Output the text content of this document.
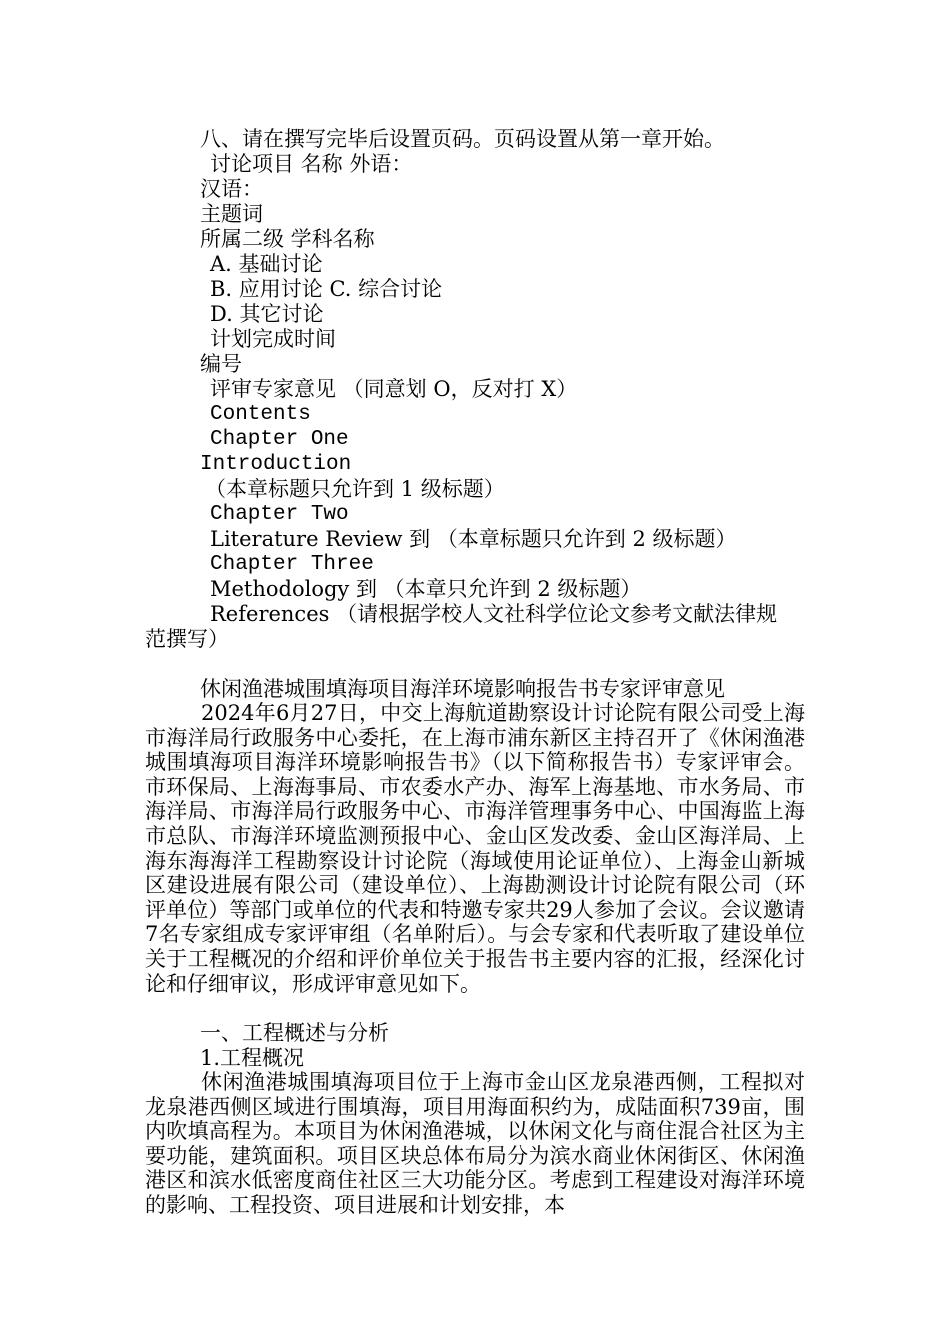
八、请在撰写完毕后设置页码。页码设置从第一章开始。
讨论项目 名称 外语：
汉语：
主题词
所属二级 学科名称
A. 基础讨论
B. 应用讨论 C. 综合讨论
D. 其它讨论
计划完成时间
编号
评审专家意见 （同意划 O，反对打 X）
Contents
Chapter One
Introduction
（本章标题只允许到 1 级标题）
Chapter Two
Literature Review 到 （本章标题只允许到 2 级标题）
Chapter Three
Methodology 到 （本章只允许到 2 级标题）
References （请根据学校人文社科学位论文参考文献法律规
范撰写）
休闲渔港城围填海项目海洋环境影响报告书专家评审意见

2024年6月27日，中交上海航道勘察设计讨论院有限公司受上海市海洋局行政服务中心委托，在上海市浦东新区主持召开了《休闲渔港城围填海项目海洋环境影响报告书》（以下简称报告书）专家评审会。市环保局、上海海事局、市农委水产办、海军上海基地、市水务局、市海洋局、市海洋局行政服务中心、市海洋管理事务中心、中国海监上海市总队、市海洋环境监测预报中心、金山区发改委、金山区海洋局、上海东海海洋工程勘察设计讨论院（海域使用论证单位）、上海金山新城区建设进展有限公司（建设单位）、上海勘测设计讨论院有限公司（环评单位）等部门或单位的代表和特邀专家共29人参加了会议。会议邀请7名专家组成专家评审组（名单附后）。与会专家和代表听取了建设单位关于工程概况的介绍和评价单位关于报告书主要内容的汇报，经深化讨论和仔细审议，形成评审意见如下。

一、工程概述与分析
1.工程概况

休闲渔港城围填海项目位于上海市金山区龙泉港西侧，工程拟对龙泉港西侧区域进行围填海，项目用海面积约为，成陆面积739亩，围内吹填高程为。本项目为休闲渔港城，以休闲文化与商住混合社区为主要功能，建筑面积。项目区块总体布局分为滨水商业休闲街区、休闲渔港区和滨水低密度商住社区三大功能分区。考虑到工程建设对海洋环境的影响、工程投资、项目进展和计划安排，本
